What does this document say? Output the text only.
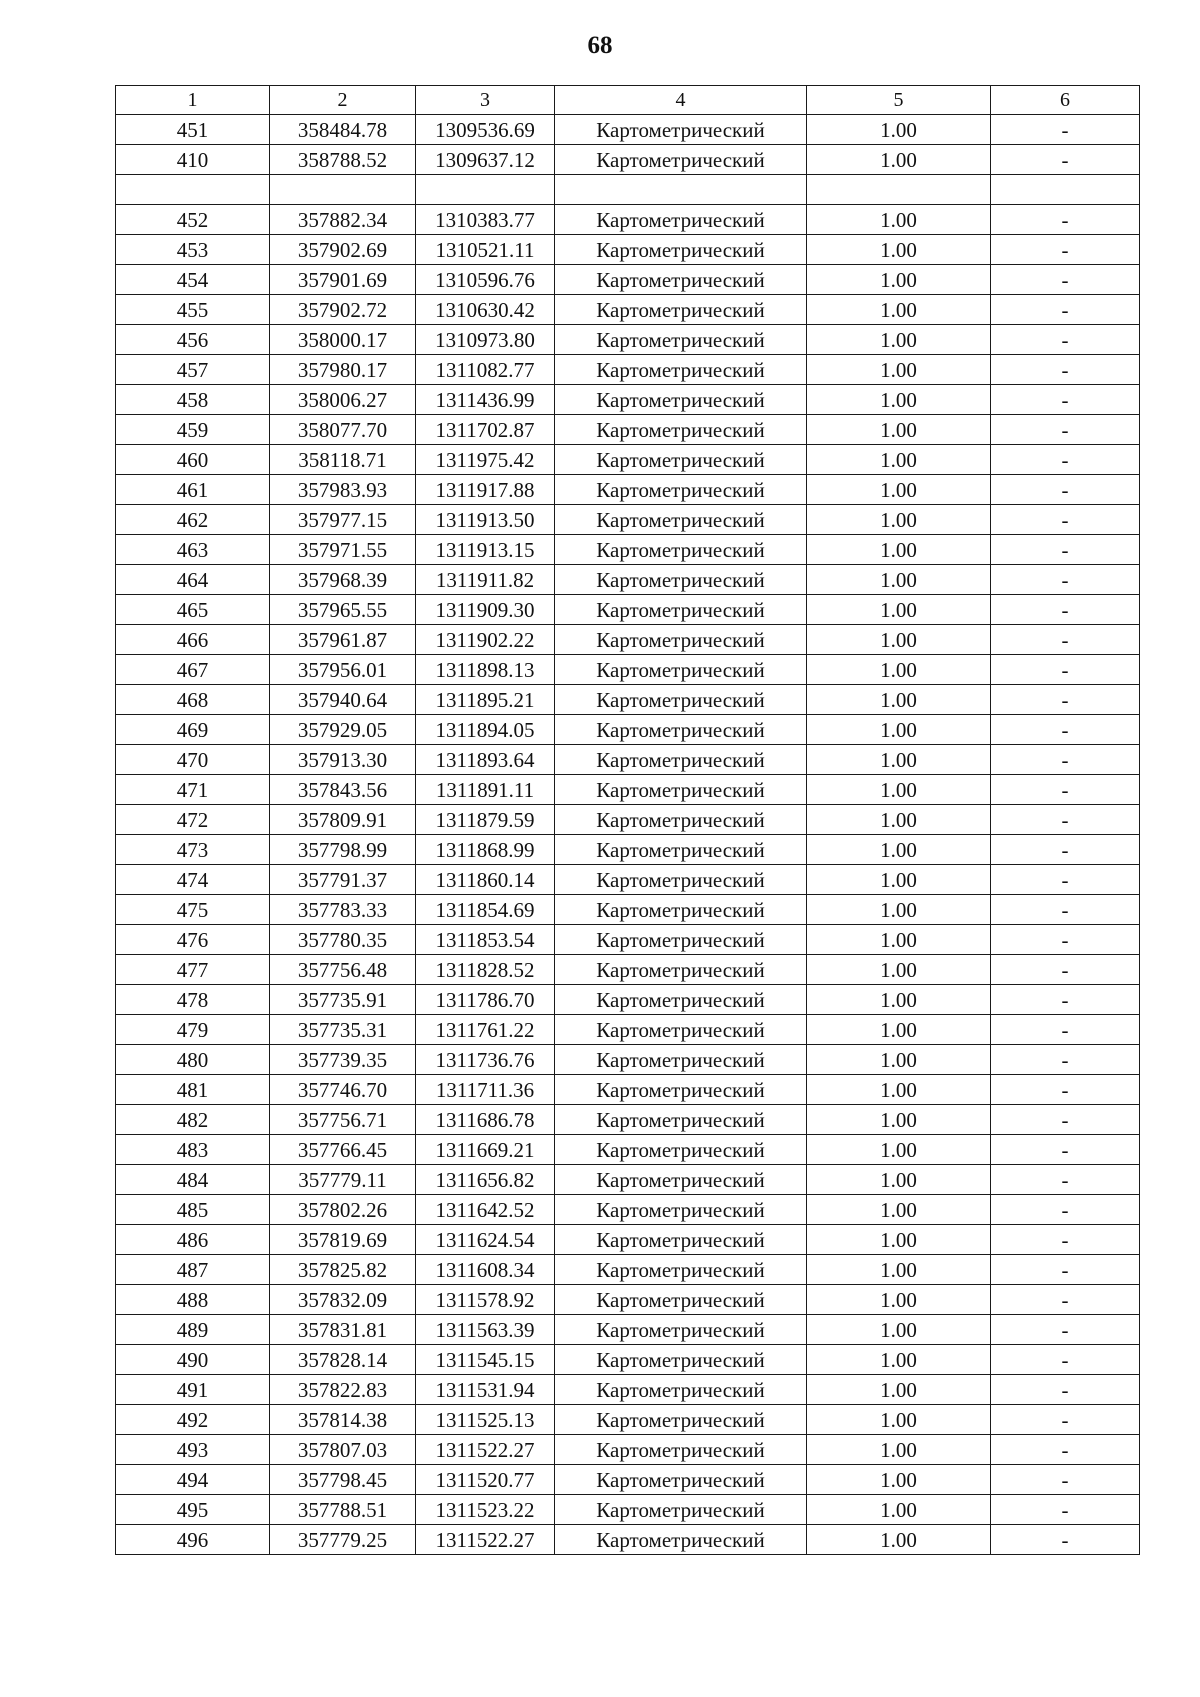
68
1	2	3	4	5	6
451	358484.78	1309536.69	Картометрический	1.00	-
410	358788.52	1309637.12	Картометрический	1.00	-

452	357882.34	1310383.77	Картометрический	1.00	-
453	357902.69	1310521.11	Картометрический	1.00	-
454	357901.69	1310596.76	Картометрический	1.00	-
455	357902.72	1310630.42	Картометрический	1.00	-
456	358000.17	1310973.80	Картометрический	1.00	-
457	357980.17	1311082.77	Картометрический	1.00	-
458	358006.27	1311436.99	Картометрический	1.00	-
459	358077.70	1311702.87	Картометрический	1.00	-
460	358118.71	1311975.42	Картометрический	1.00	-
461	357983.93	1311917.88	Картометрический	1.00	-
462	357977.15	1311913.50	Картометрический	1.00	-
463	357971.55	1311913.15	Картометрический	1.00	-
464	357968.39	1311911.82	Картометрический	1.00	-
465	357965.55	1311909.30	Картометрический	1.00	-
466	357961.87	1311902.22	Картометрический	1.00	-
467	357956.01	1311898.13	Картометрический	1.00	-
468	357940.64	1311895.21	Картометрический	1.00	-
469	357929.05	1311894.05	Картометрический	1.00	-
470	357913.30	1311893.64	Картометрический	1.00	-
471	357843.56	1311891.11	Картометрический	1.00	-
472	357809.91	1311879.59	Картометрический	1.00	-
473	357798.99	1311868.99	Картометрический	1.00	-
474	357791.37	1311860.14	Картометрический	1.00	-
475	357783.33	1311854.69	Картометрический	1.00	-
476	357780.35	1311853.54	Картометрический	1.00	-
477	357756.48	1311828.52	Картометрический	1.00	-
478	357735.91	1311786.70	Картометрический	1.00	-
479	357735.31	1311761.22	Картометрический	1.00	-
480	357739.35	1311736.76	Картометрический	1.00	-
481	357746.70	1311711.36	Картометрический	1.00	-
482	357756.71	1311686.78	Картометрический	1.00	-
483	357766.45	1311669.21	Картометрический	1.00	-
484	357779.11	1311656.82	Картометрический	1.00	-
485	357802.26	1311642.52	Картометрический	1.00	-
486	357819.69	1311624.54	Картометрический	1.00	-
487	357825.82	1311608.34	Картометрический	1.00	-
488	357832.09	1311578.92	Картометрический	1.00	-
489	357831.81	1311563.39	Картометрический	1.00	-
490	357828.14	1311545.15	Картометрический	1.00	-
491	357822.83	1311531.94	Картометрический	1.00	-
492	357814.38	1311525.13	Картометрический	1.00	-
493	357807.03	1311522.27	Картометрический	1.00	-
494	357798.45	1311520.77	Картометрический	1.00	-
495	357788.51	1311523.22	Картометрический	1.00	-
496	357779.25	1311522.27	Картометрический	1.00	-
